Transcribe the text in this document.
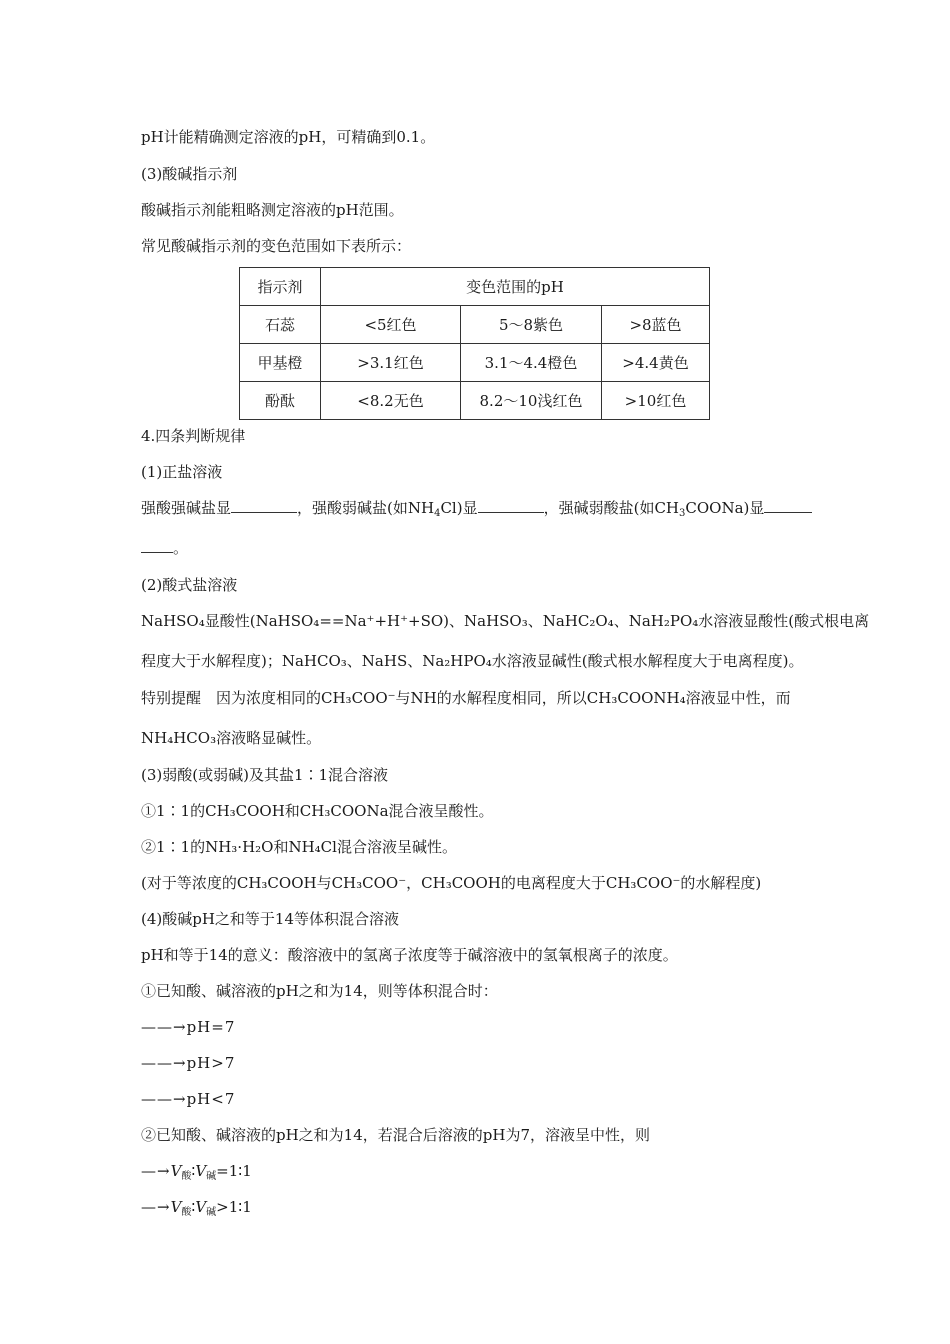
pH计能精确测定溶液的pH，可精确到0.1。
(3)酸碱指示剂
酸碱指示剂能粗略测定溶液的pH范围。
常见酸碱指示剂的变色范围如下表所示：
指示剂	变色范围的pH		
石蕊	<5红色	5～8紫色	>8蓝色
甲基橙	>3.1红色	3.1～4.4橙色	>4.4黄色
酚酞	<8.2无色	8.2～10浅红色	>10红色
4.四条判断规律
(1)正盐溶液
强酸强碱盐显	，强酸弱碱盐(如$NH_4Cl$)显	，强碱弱酸盐(如$CH_3COONa$)显
。
(2)酸式盐溶液
NaHSO₄显酸性(NaHSO₄==Na⁺+H⁺+SO)、NaHSO₃、NaHC₂O₄、NaH₂PO₄水溶液显酸性(酸式根电离
程度大于水解程度)；NaHCO₃、NaHS、Na₂HPO₄水溶液显碱性(酸式根水解程度大于电离程度)。
特别提醒　因为浓度相同的CH₃COO⁻与NH的水解程度相同，所以CH₃COONH₄溶液显中性，而
NH₄HCO₃溶液略显碱性。
(3)弱酸(或弱碱)及其盐1∶1混合溶液
①1∶1的CH₃COOH和CH₃COONa混合液呈酸性。
②1∶1的NH₃·H₂O和NH₄Cl混合溶液呈碱性。
(对于等浓度的CH₃COOH与CH₃COO⁻，CH₃COOH的电离程度大于CH₃COO⁻的水解程度)
(4)酸碱pH之和等于14等体积混合溶液
pH和等于14的意义：酸溶液中的氢离子浓度等于碱溶液中的氢氧根离子的浓度。
①已知酸、碱溶液的pH之和为14，则等体积混合时：
——→pH=7
——→pH>7
——→pH<7
②已知酸、碱溶液的pH之和为14，若混合后溶液的pH为7，溶液呈中性，则
$—\to V_酸∶V_碱=1∶1$
$—\to V_酸∶V_碱>1∶1$
